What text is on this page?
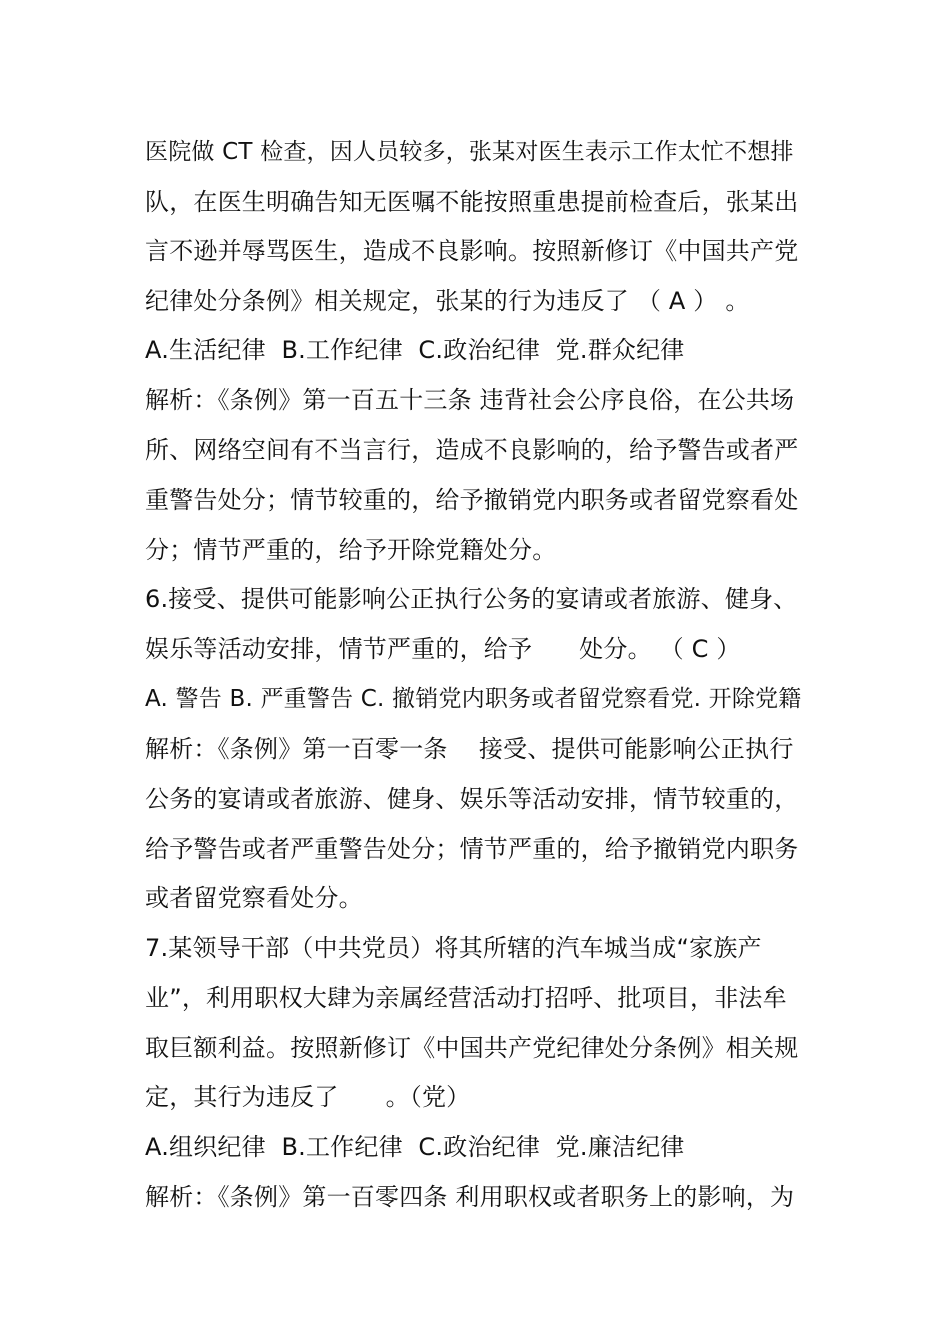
医院做 CT 检查，因人员较多，张某对医生表示工作太忙不想排

队，在医生明确告知无医嘱不能按照重患提前检查后，张某出

言不逊并辱骂医生，造成不良影响。按照新修订《中国共产党

纪律处分条例》相关规定，张某的行为违反了 （ A ） 。

A.生活纪律  B.工作纪律  C.政治纪律  党.群众纪律

解析：《条例》第一百五十三条 违背社会公序良俗，在公共场

所、网络空间有不当言行，造成不良影响的，给予警告或者严

重警告处分；情节较重的，给予撤销党内职务或者留党察看处

分；情节严重的，给予开除党籍处分。

6.接受、提供可能影响公正执行公务的宴请或者旅游、健身、

娱乐等活动安排，情节严重的，给予      处分。 （ C ）

A. 警告 B. 严重警告 C. 撤销党内职务或者留党察看党. 开除党籍

解析：《条例》第一百零一条    接受、提供可能影响公正执行

公务的宴请或者旅游、健身、娱乐等活动安排，情节较重的，

给予警告或者严重警告处分；情节严重的，给予撤销党内职务

或者留党察看处分。

7.某领导干部（中共党员）将其所辖的汽车城当成“家族产

业”，利用职权大肆为亲属经营活动打招呼、批项目，非法牟

取巨额利益。按照新修订《中国共产党纪律处分条例》相关规

定，其行为违反了      。（党）

A.组织纪律  B.工作纪律  C.政治纪律  党.廉洁纪律

解析：《条例》第一百零四条 利用职权或者职务上的影响，为
